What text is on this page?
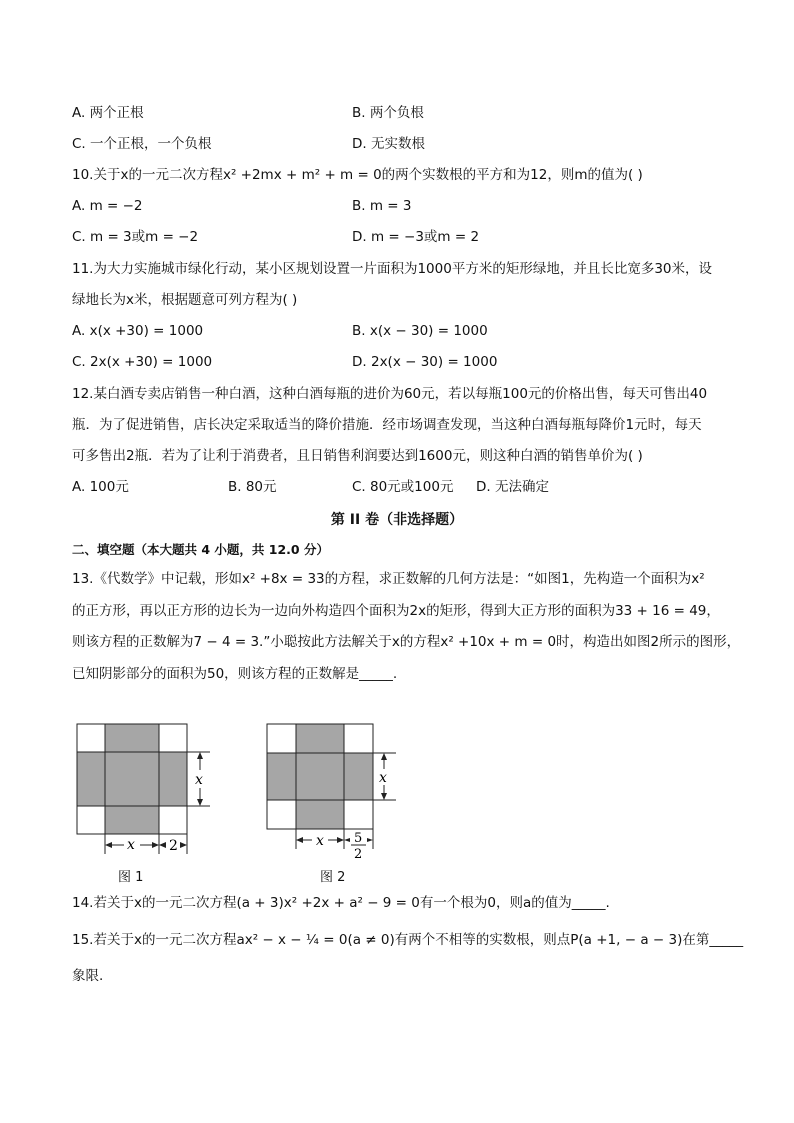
A. 两个正根	B. 两个负根
C. 一个正根，一个负根	D. 无实数根
10.关于x的一元二次方程x² +2mx + m² + m = 0的两个实数根的平方和为12，则m的值为( )
A. m = −2	B. m = 3
C. m = 3或m = −2	D. m = −3或m = 2
11.为大力实施城市绿化行动，某小区规划设置一片面积为1000平方米的矩形绿地，并且长比宽多30米，设
绿地长为x米，根据题意可列方程为( )
A. x(x +30) = 1000	B. x(x − 30) = 1000
C. 2x(x +30) = 1000	D. 2x(x − 30) = 1000
12.某白酒专卖店销售一种白酒，这种白酒每瓶的进价为60元，若以每瓶100元的价格出售，每天可售出40
瓶．为了促进销售，店长决定采取适当的降价措施．经市场调查发现，当这种白酒每瓶每降价1元时，每天
可多售出2瓶．若为了让利于消费者，且日销售利润要达到1600元，则这种白酒的销售单价为( )
A. 100元	B. 80元	C. 80元或100元 D. 无法确定
第 II 卷（非选择题）
二、填空题（本大题共 4 小题，共 12.0 分）
13.《代数学》中记载，形如x² +8x = 33的方程，求正数解的几何方法是：“如图1，先构造一个面积为x²
的正方形，再以正方形的边长为一边向外构造四个面积为2x的矩形，得到大正方形的面积为33 + 16 = 49，
则该方程的正数解为7 − 4 = 3.”小聪按此方法解关于x的方程x² +10x + m = 0时，构造出如图2所示的图形，
已知阴影部分的面积为50，则该方程的正数解是_____.
x
x 2
图 1
x
x 5
2
图 2
14.若关于x的一元二次方程(a + 3)x² +2x + a² − 9 = 0有一个根为0，则a的值为_____.
15.若关于x的一元二次方程ax² − x − ¼ = 0(a ≠ 0)有两个不相等的实数根，则点P(a +1, − a − 3)在第_____
象限.
